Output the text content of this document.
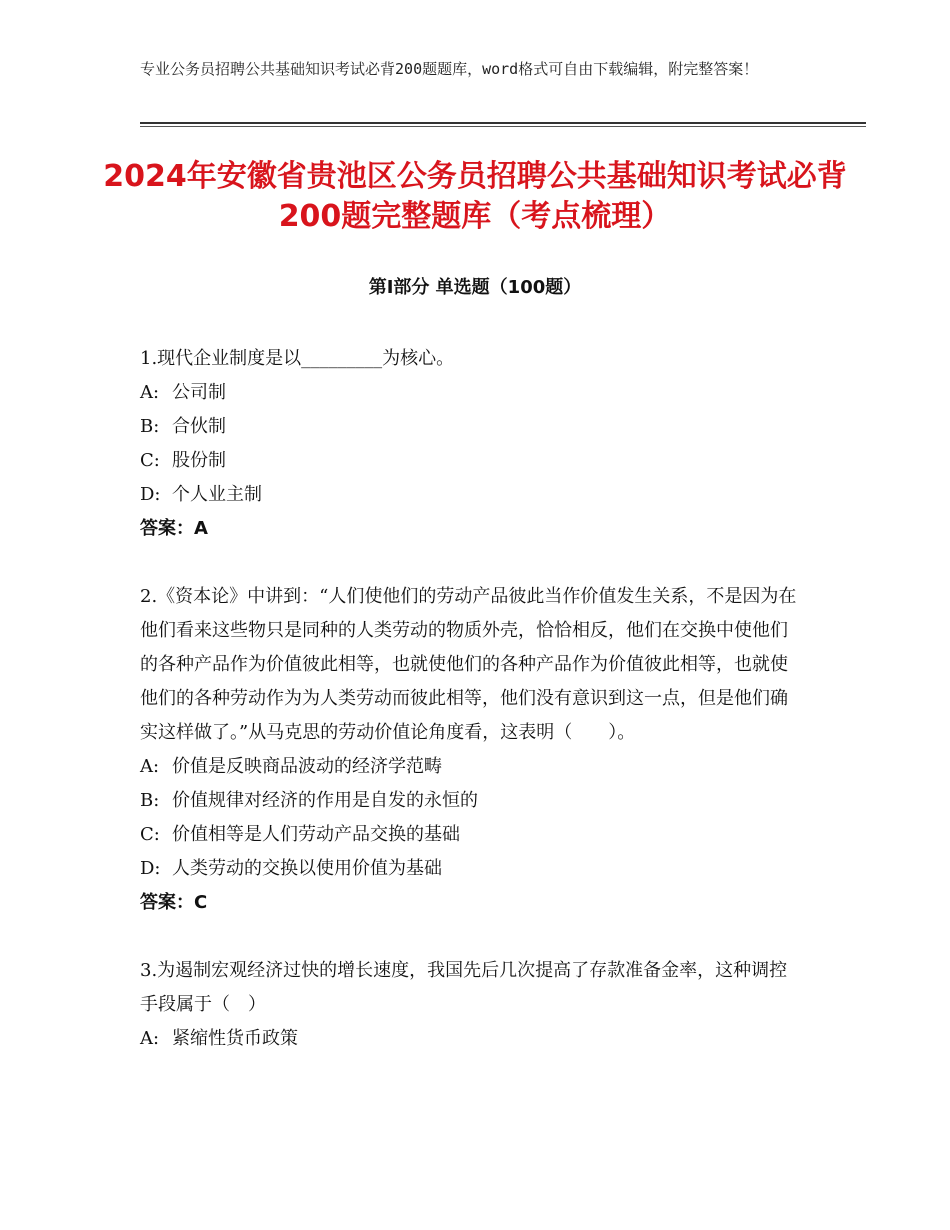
专业公务员招聘公共基础知识考试必背200题题库，word格式可自由下载编辑，附完整答案！
2024年安徽省贵池区公务员招聘公共基础知识考试必背200题完整题库（考点梳理）
第Ⅰ部分 单选题（100题）

1.现代企业制度是以_________为核心。

A: 公司制

B: 合伙制

C: 股份制

D: 个人业主制

答案：A

2.《资本论》中讲到：“人们使他们的劳动产品彼此当作价值发生关系，不是因为在他们看来这些物只是同种的人类劳动的物质外壳，恰恰相反，他们在交换中使他们的各种产品作为价值彼此相等，也就使他们的各种产品作为价值彼此相等，也就使他们的各种劳动作为为人类劳动而彼此相等，他们没有意识到这一点，但是他们确实这样做了。”从马克思的劳动价值论角度看，这表明（　　）。

A: 价值是反映商品波动的经济学范畴

B: 价值规律对经济的作用是自发的永恒的

C: 价值相等是人们劳动产品交换的基础

D: 人类劳动的交换以使用价值为基础

答案：C

3.为遏制宏观经济过快的增长速度，我国先后几次提高了存款准备金率，这种调控手段属于（　）

A: 紧缩性货币政策
